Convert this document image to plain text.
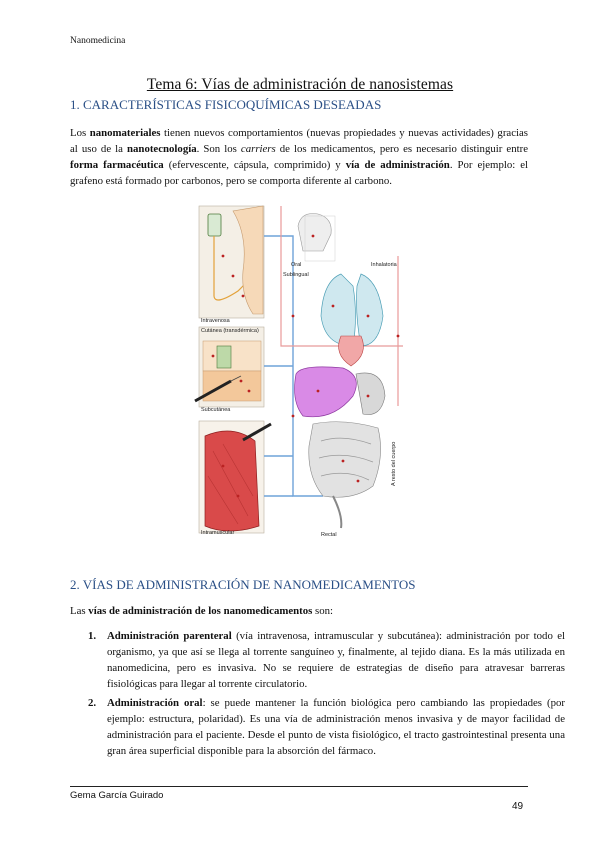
Nanomedicina
Tema 6: Vías de administración de nanosistemas
1. CARACTERÍSTICAS FISICOQUÍMICAS DESEADAS
Los nanomateriales tienen nuevos comportamientos (nuevas propiedades y nuevas actividades) gracias al uso de la nanotecnología. Son los carriers de los medicamentos, pero es necesario distinguir entre forma farmacéutica (efervescente, cápsula, comprimido) y vía de administración. Por ejemplo: el grafeno está formado por carbonos, pero se comporta diferente al carbono.
Intravenosa
Cutánea (transdérmica)
Subcutánea
Intramuscular
Oral
Sublingual
Inhalatoria
Rectal
A resto del cuerpo
2. VÍAS DE ADMINISTRACIÓN DE NANOMEDICAMENTOS
Las vías de administración de los nanomedicamentos son:
1. Administración parenteral (vía intravenosa, intramuscular y subcutánea): administración por todo el organismo, ya que así se llega al torrente sanguíneo y, finalmente, al tejido diana. Es la más utilizada en nanomedicina, pero es invasiva. No se requiere de estrategias de diseño para atravesar barreras fisiológicas para llegar al torrente circulatorio.
2. Administración oral: se puede mantener la función biológica pero cambiando las propiedades (por ejemplo: estructura, polaridad). Es una vía de administración menos invasiva y de mayor facilidad de administración para el paciente. Desde el punto de vista fisiológico, el tracto gastrointestinal presenta una gran área superficial disponible para la absorción del fármaco.
Gema García Guirado
49
